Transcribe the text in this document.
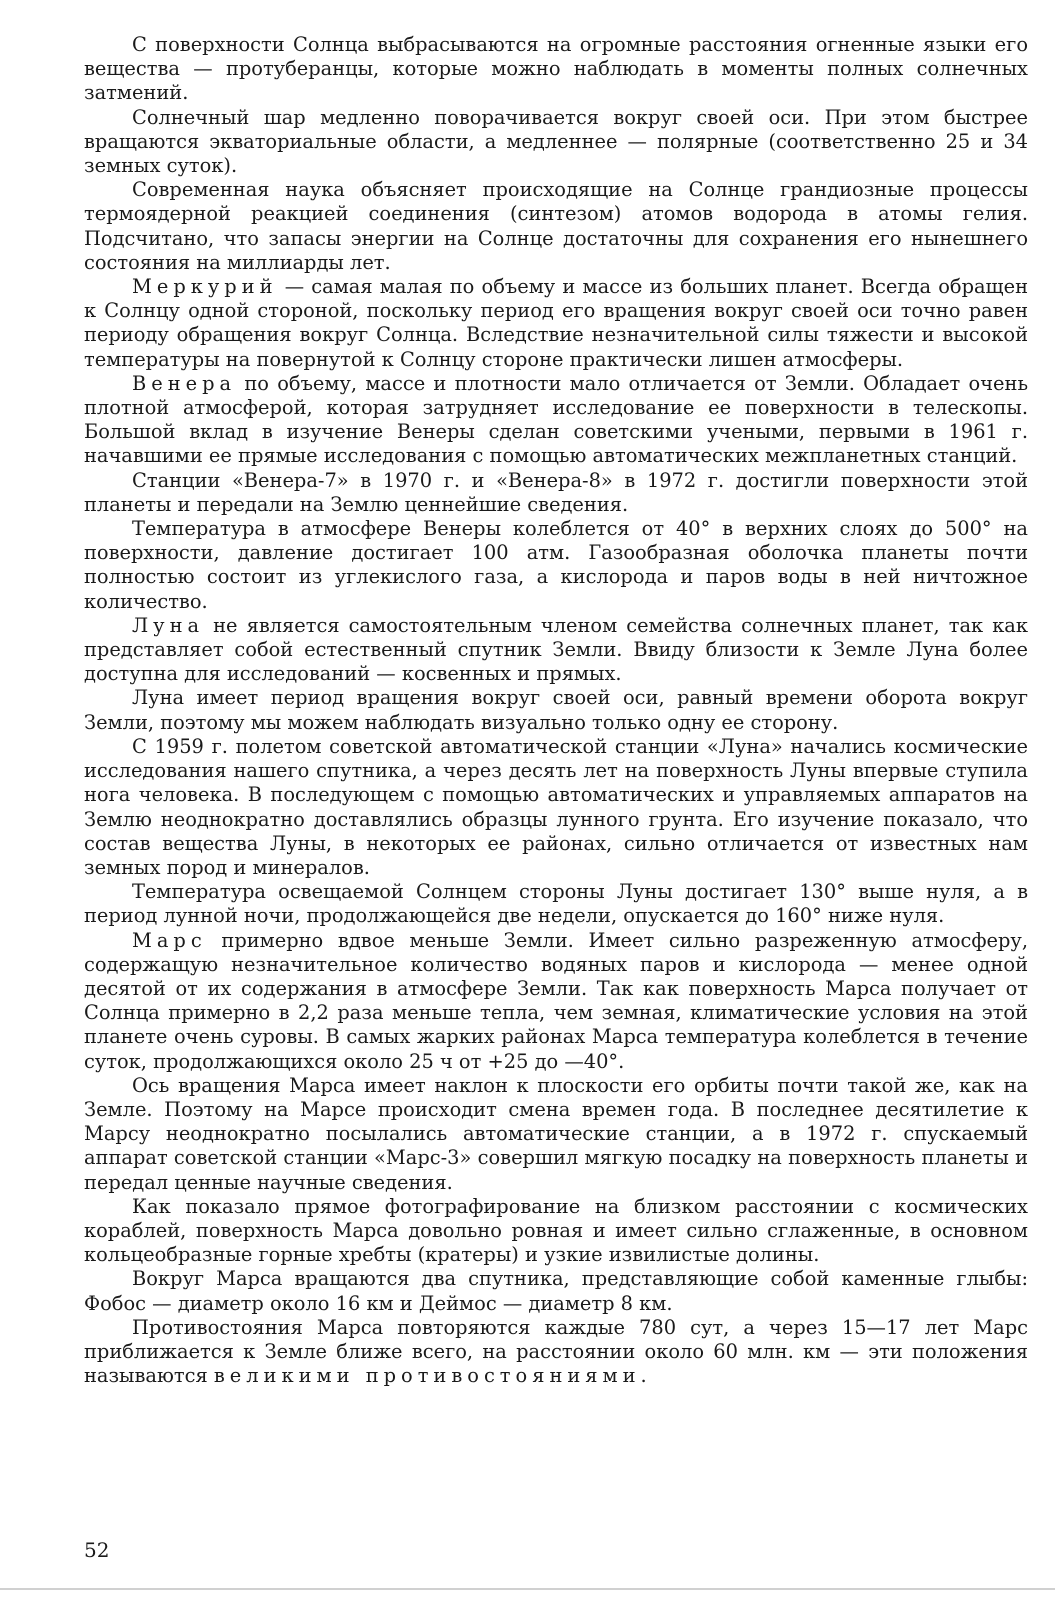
С поверхности Солнца выбрасываются на огромные расстояния огненные языки его вещества — протуберанцы, которые можно наблюдать в моменты полных солнечных затмений.

Солнечный шар медленно поворачивается вокруг своей оси. При этом быстрее вращаются экваториальные области, а медленнее — полярные (соответственно 25 и 34 земных суток).

Современная наука объясняет происходящие на Солнце грандиозные процессы термоядерной реакцией соединения (синтезом) атомов водорода в атомы гелия. Подсчитано, что запасы энергии на Солнце достаточны для сохранения его нынешнего состояния на миллиарды лет.

Меркурий — самая малая по объему и массе из больших планет. Всегда обращен к Солнцу одной стороной, поскольку период его вращения вокруг своей оси точно равен периоду обращения вокруг Солнца. Вследствие незначительной силы тяжести и высокой температуры на повернутой к Солнцу стороне практически лишен атмосферы.

Венера по объему, массе и плотности мало отличается от Земли. Обладает очень плотной атмосферой, которая затрудняет исследование ее поверхности в телескопы. Большой вклад в изучение Венеры сделан советскими учеными, первыми в 1961 г. начавшими ее прямые исследования с помощью автоматических межпланетных станций.

Станции «Венера-7» в 1970 г. и «Венера-8» в 1972 г. достигли поверхности этой планеты и передали на Землю ценнейшие сведения.

Температура в атмосфере Венеры колеблется от 40° в верхних слоях до 500° на поверхности, давление достигает 100 атм. Газообразная оболочка планеты почти полностью состоит из углекислого газа, а кислорода и паров воды в ней ничтожное количество.

Луна не является самостоятельным членом семейства солнечных планет, так как представляет собой естественный спутник Земли. Ввиду близости к Земле Луна более доступна для исследований — косвенных и прямых.

Луна имеет период вращения вокруг своей оси, равный времени оборота вокруг Земли, поэтому мы можем наблюдать визуально только одну ее сторону.

С 1959 г. полетом советской автоматической станции «Луна» начались космические исследования нашего спутника, а через десять лет на поверхность Луны впервые ступила нога человека. В последующем с помощью автоматических и управляемых аппаратов на Землю неоднократно доставлялись образцы лунного грунта. Его изучение показало, что состав вещества Луны, в некоторых ее районах, сильно отличается от известных нам земных пород и минералов.

Температура освещаемой Солнцем стороны Луны достигает 130° выше нуля, а в период лунной ночи, продолжающейся две недели, опускается до 160° ниже нуля.

Марс примерно вдвое меньше Земли. Имеет сильно разреженную атмосферу, содержащую незначительное количество водяных паров и кислорода — менее одной десятой от их содержания в атмосфере Земли. Так как поверхность Марса получает от Солнца примерно в 2,2 раза меньше тепла, чем земная, климатические условия на этой планете очень суровы. В самых жарких районах Марса температура колеблется в течение суток, продолжающихся около 25 ч от +25 до —40°.

Ось вращения Марса имеет наклон к плоскости его орбиты почти такой же, как на Земле. Поэтому на Марсе происходит смена времен года. В последнее десятилетие к Марсу неоднократно посылались автоматические станции, а в 1972 г. спускаемый аппарат советской станции «Марс-3» совершил мягкую посадку на поверхность планеты и передал ценные научные сведения.

Как показало прямое фотографирование на близком расстоянии с космических кораблей, поверхность Марса довольно ровная и имеет сильно сглаженные, в основном кольцеобразные горные хребты (кратеры) и узкие извилистые долины.

Вокруг Марса вращаются два спутника, представляющие собой каменные глыбы: Фобос — диаметр около 16 км и Деймос — диаметр 8 км.

Противостояния Марса повторяются каждые 780 сут, а через 15—17 лет Марс приближается к Земле ближе всего, на расстоянии около 60 млн. км — эти положения называются великими противостояниями.

52
